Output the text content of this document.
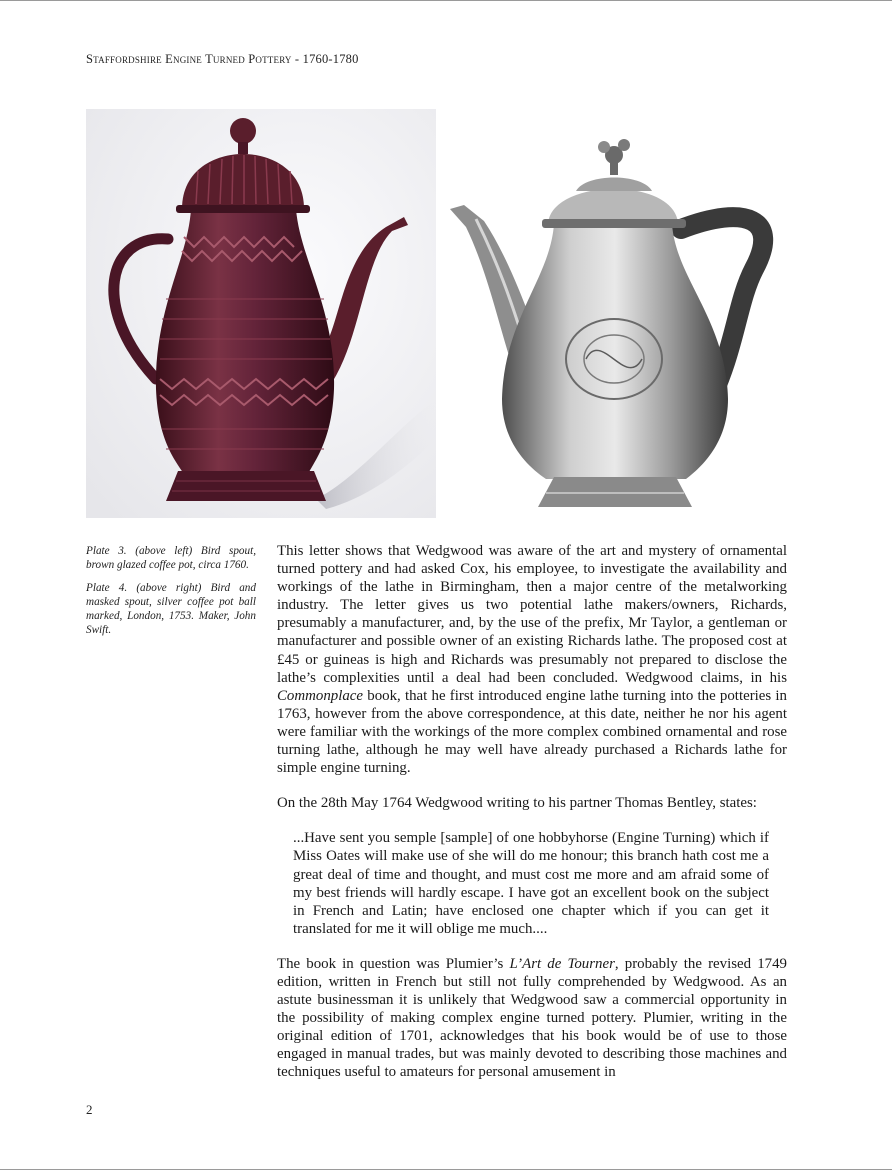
Staffordshire Engine Turned Pottery - 1760-1780

Plate 3. (above left) Bird spout, brown glazed coffee pot, circa 1760.

Plate 4. (above right) Bird and masked spout, silver coffee pot ball marked, London, 1753. Maker, John Swift.

This letter shows that Wedgwood was aware of the art and mystery of ornamental turned pottery and had asked Cox, his employee, to investigate the availability and workings of the lathe in Birmingham, then a major centre of the metalworking industry. The letter gives us two potential lathe makers/owners, Richards, presumably a manufacturer, and, by the use of the prefix, Mr Taylor, a gentleman or manufacturer and possible owner of an existing Richards lathe. The proposed cost at £45 or guineas is high and Richards was presumably not prepared to disclose the lathe’s complexities until a deal had been concluded. Wedgwood claims, in his Commonplace book, that he first introduced engine lathe turning into the potteries in 1763, however from the above correspondence, at this date, neither he nor his agent were familiar with the workings of the more complex combined ornamental and rose turning lathe, although he may well have already purchased a Richards lathe for simple engine turning.

On the 28th May 1764 Wedgwood writing to his partner Thomas Bentley, states:

...Have sent you semple [sample] of one hobbyhorse (Engine Turning) which if Miss Oates will make use of she will do me honour; this branch hath cost me a great deal of time and thought, and must cost me more and am afraid some of my best friends will hardly escape. I have got an excellent book on the subject in French and Latin; have enclosed one chapter which if you can get it translated for me it will oblige me much....

The book in question was Plumier’s L’Art de Tourner, probably the revised 1749 edition, written in French but still not fully comprehended by Wedgwood. As an astute businessman it is unlikely that Wedgwood saw a commercial opportunity in the possibility of making complex engine turned pottery. Plumier, writing in the original edition of 1701, acknowledges that his book would be of use to those engaged in manual trades, but was mainly devoted to describing those machines and techniques useful to amateurs for personal amusement in

2
